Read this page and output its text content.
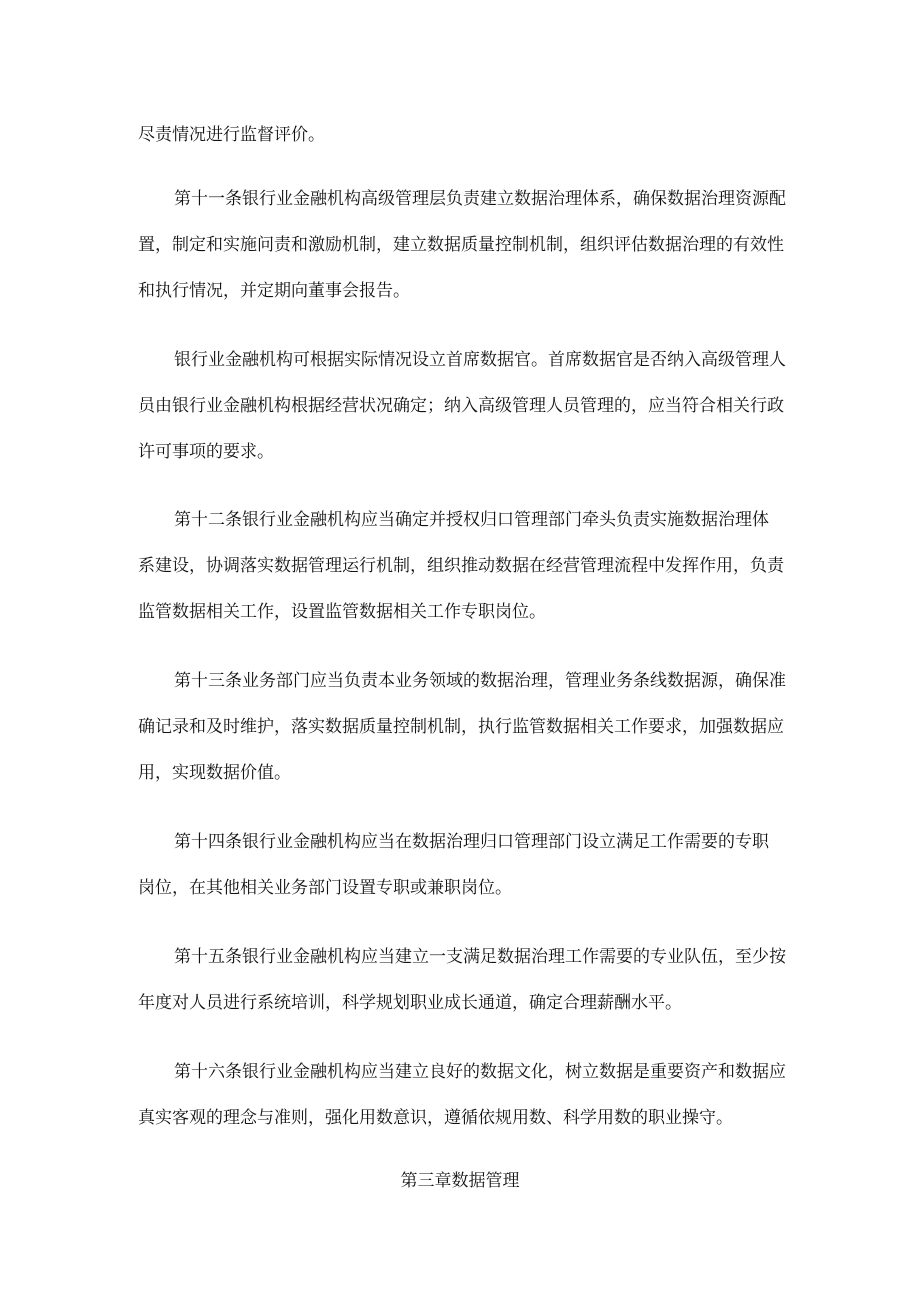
尽责情况进行监督评价。
第十一条银行业金融机构高级管理层负责建立数据治理体系，确保数据治理资源配
置，制定和实施问责和激励机制，建立数据质量控制机制，组织评估数据治理的有效性
和执行情况，并定期向董事会报告。
银行业金融机构可根据实际情况设立首席数据官。首席数据官是否纳入高级管理人
员由银行业金融机构根据经营状况确定；纳入高级管理人员管理的，应当符合相关行政
许可事项的要求。
第十二条银行业金融机构应当确定并授权归口管理部门牵头负责实施数据治理体
系建设，协调落实数据管理运行机制，组织推动数据在经营管理流程中发挥作用，负责
监管数据相关工作，设置监管数据相关工作专职岗位。
第十三条业务部门应当负责本业务领域的数据治理，管理业务条线数据源，确保准
确记录和及时维护，落实数据质量控制机制，执行监管数据相关工作要求，加强数据应
用，实现数据价值。
第十四条银行业金融机构应当在数据治理归口管理部门设立满足工作需要的专职
岗位，在其他相关业务部门设置专职或兼职岗位。
第十五条银行业金融机构应当建立一支满足数据治理工作需要的专业队伍，至少按
年度对人员进行系统培训，科学规划职业成长通道，确定合理薪酬水平。
第十六条银行业金融机构应当建立良好的数据文化，树立数据是重要资产和数据应
真实客观的理念与准则，强化用数意识，遵循依规用数、科学用数的职业操守。
第三章数据管理
